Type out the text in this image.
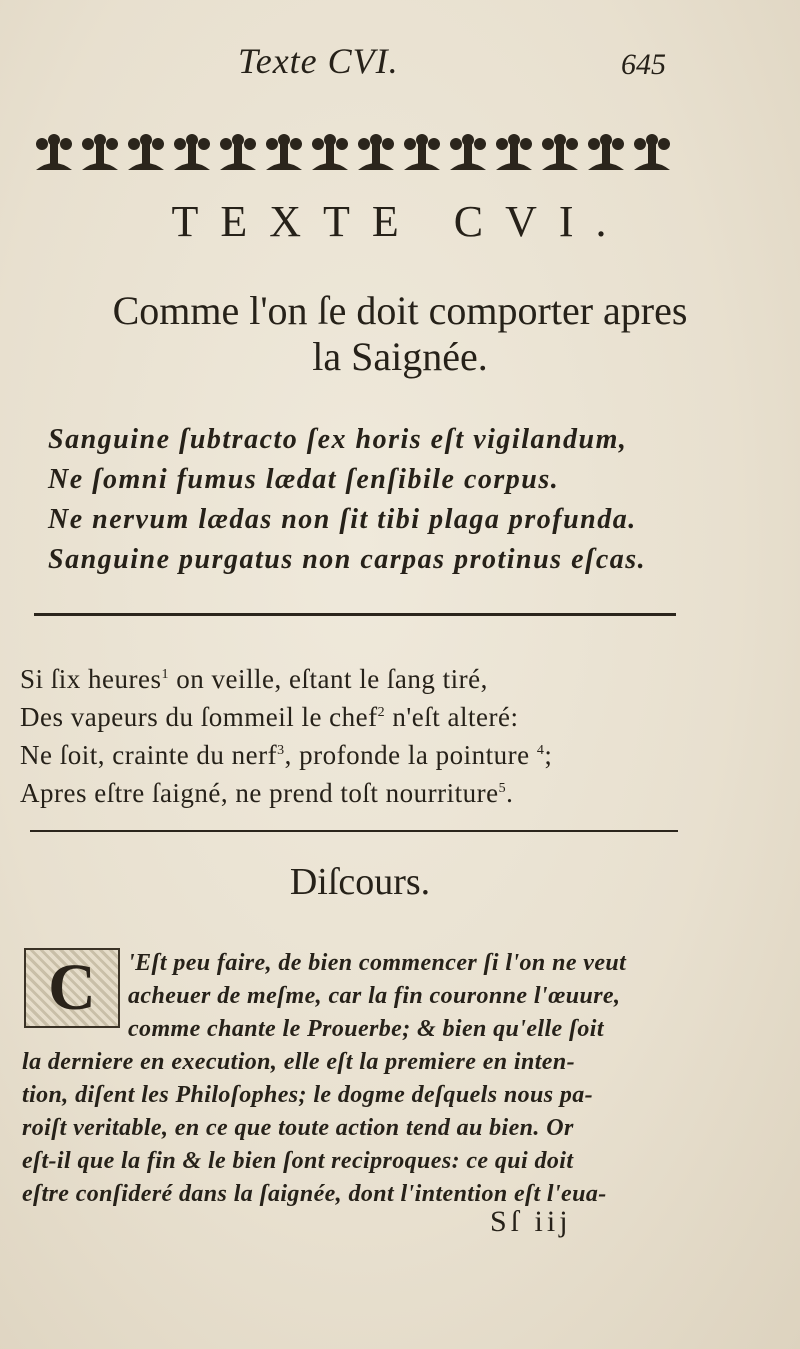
Texte CVI.	645
TEXTE CVI.
Comme l'on ſe doit comporter apres
la Saignée.
Sanguine ſubtracto ſex horis eſt vigilandum,
Ne ſomni fumus lædat ſenſibile corpus.
Ne nervum lædas non ſit tibi plaga profunda.
Sanguine purgatus non carpas protinus eſcas.
Si ſix heures$^1$ on veille, eſtant le ſang tiré,
Des vapeurs du ſommeil le chef$^2$ n'eſt alteré:
Ne ſoit, crainte du nerf$^3$, profonde la pointure $^4$;
Apres eſtre ſaigné, ne prend toſt nourriture$^5$.
Diſcours.
C	'Eſt peu faire, de bien commencer ſi l'on ne veut
acheuer de meſme, car la fin couronne l'œuure,
comme chante le Prouerbe; & bien qu'elle ſoit
la derniere en execution, elle eſt la premiere en inten-
tion, diſent les Philoſophes; le dogme deſquels nous pa-
roiſt veritable, en ce que toute action tend au bien. Or
eſt-il que la fin & le bien ſont reciproques: ce qui doit
eſtre conſideré dans la ſaignée, dont l'intention eſt l'eua-
Sſ iij
